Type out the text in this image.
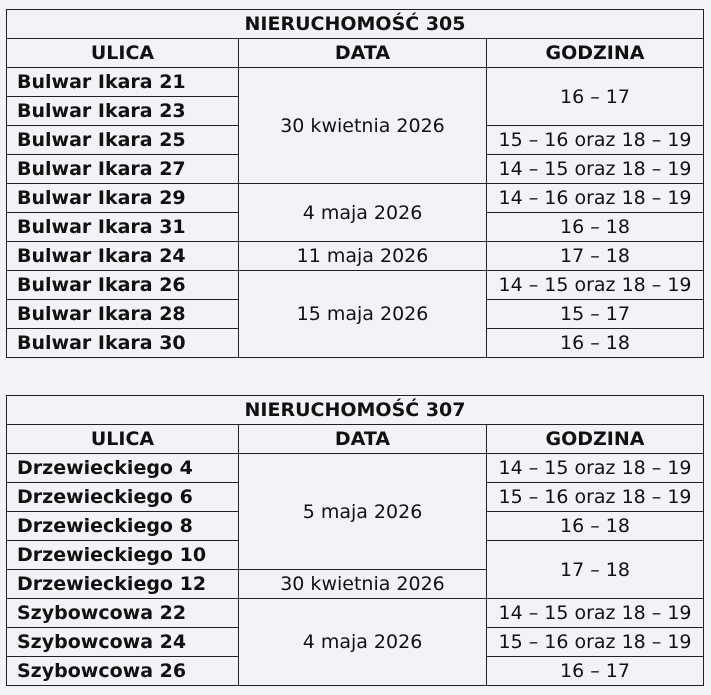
NIERUCHOMOŚĆ 305		
ULICA	DATA	GODZINA
Bulwar Ikara 21	30 kwietnia 2026	16 – 17
Bulwar Ikara 23		
Bulwar Ikara 25		15 – 16 oraz 18 – 19
Bulwar Ikara 27		14 – 15 oraz 18 – 19
Bulwar Ikara 29	4 maja 2026	14 – 16 oraz 18 – 19
Bulwar Ikara 31		16 – 18
Bulwar Ikara 24	11 maja 2026	17 – 18
Bulwar Ikara 26	15 maja 2026	14 – 15 oraz 18 – 19
Bulwar Ikara 28		15 – 17
Bulwar Ikara 30		16 – 18
NIERUCHOMOŚĆ 307		
ULICA	DATA	GODZINA
Drzewieckiego 4	5 maja 2026	14 – 15 oraz 18 – 19
Drzewieckiego 6		15 – 16 oraz 18 – 19
Drzewieckiego 8		16 – 18
Drzewieckiego 10		17 – 18
Drzewieckiego 12	30 kwietnia 2026	
Szybowcowa 22	4 maja 2026	14 – 15 oraz 18 – 19
Szybowcowa 24		15 – 16 oraz 18 – 19
Szybowcowa 26		16 – 17
